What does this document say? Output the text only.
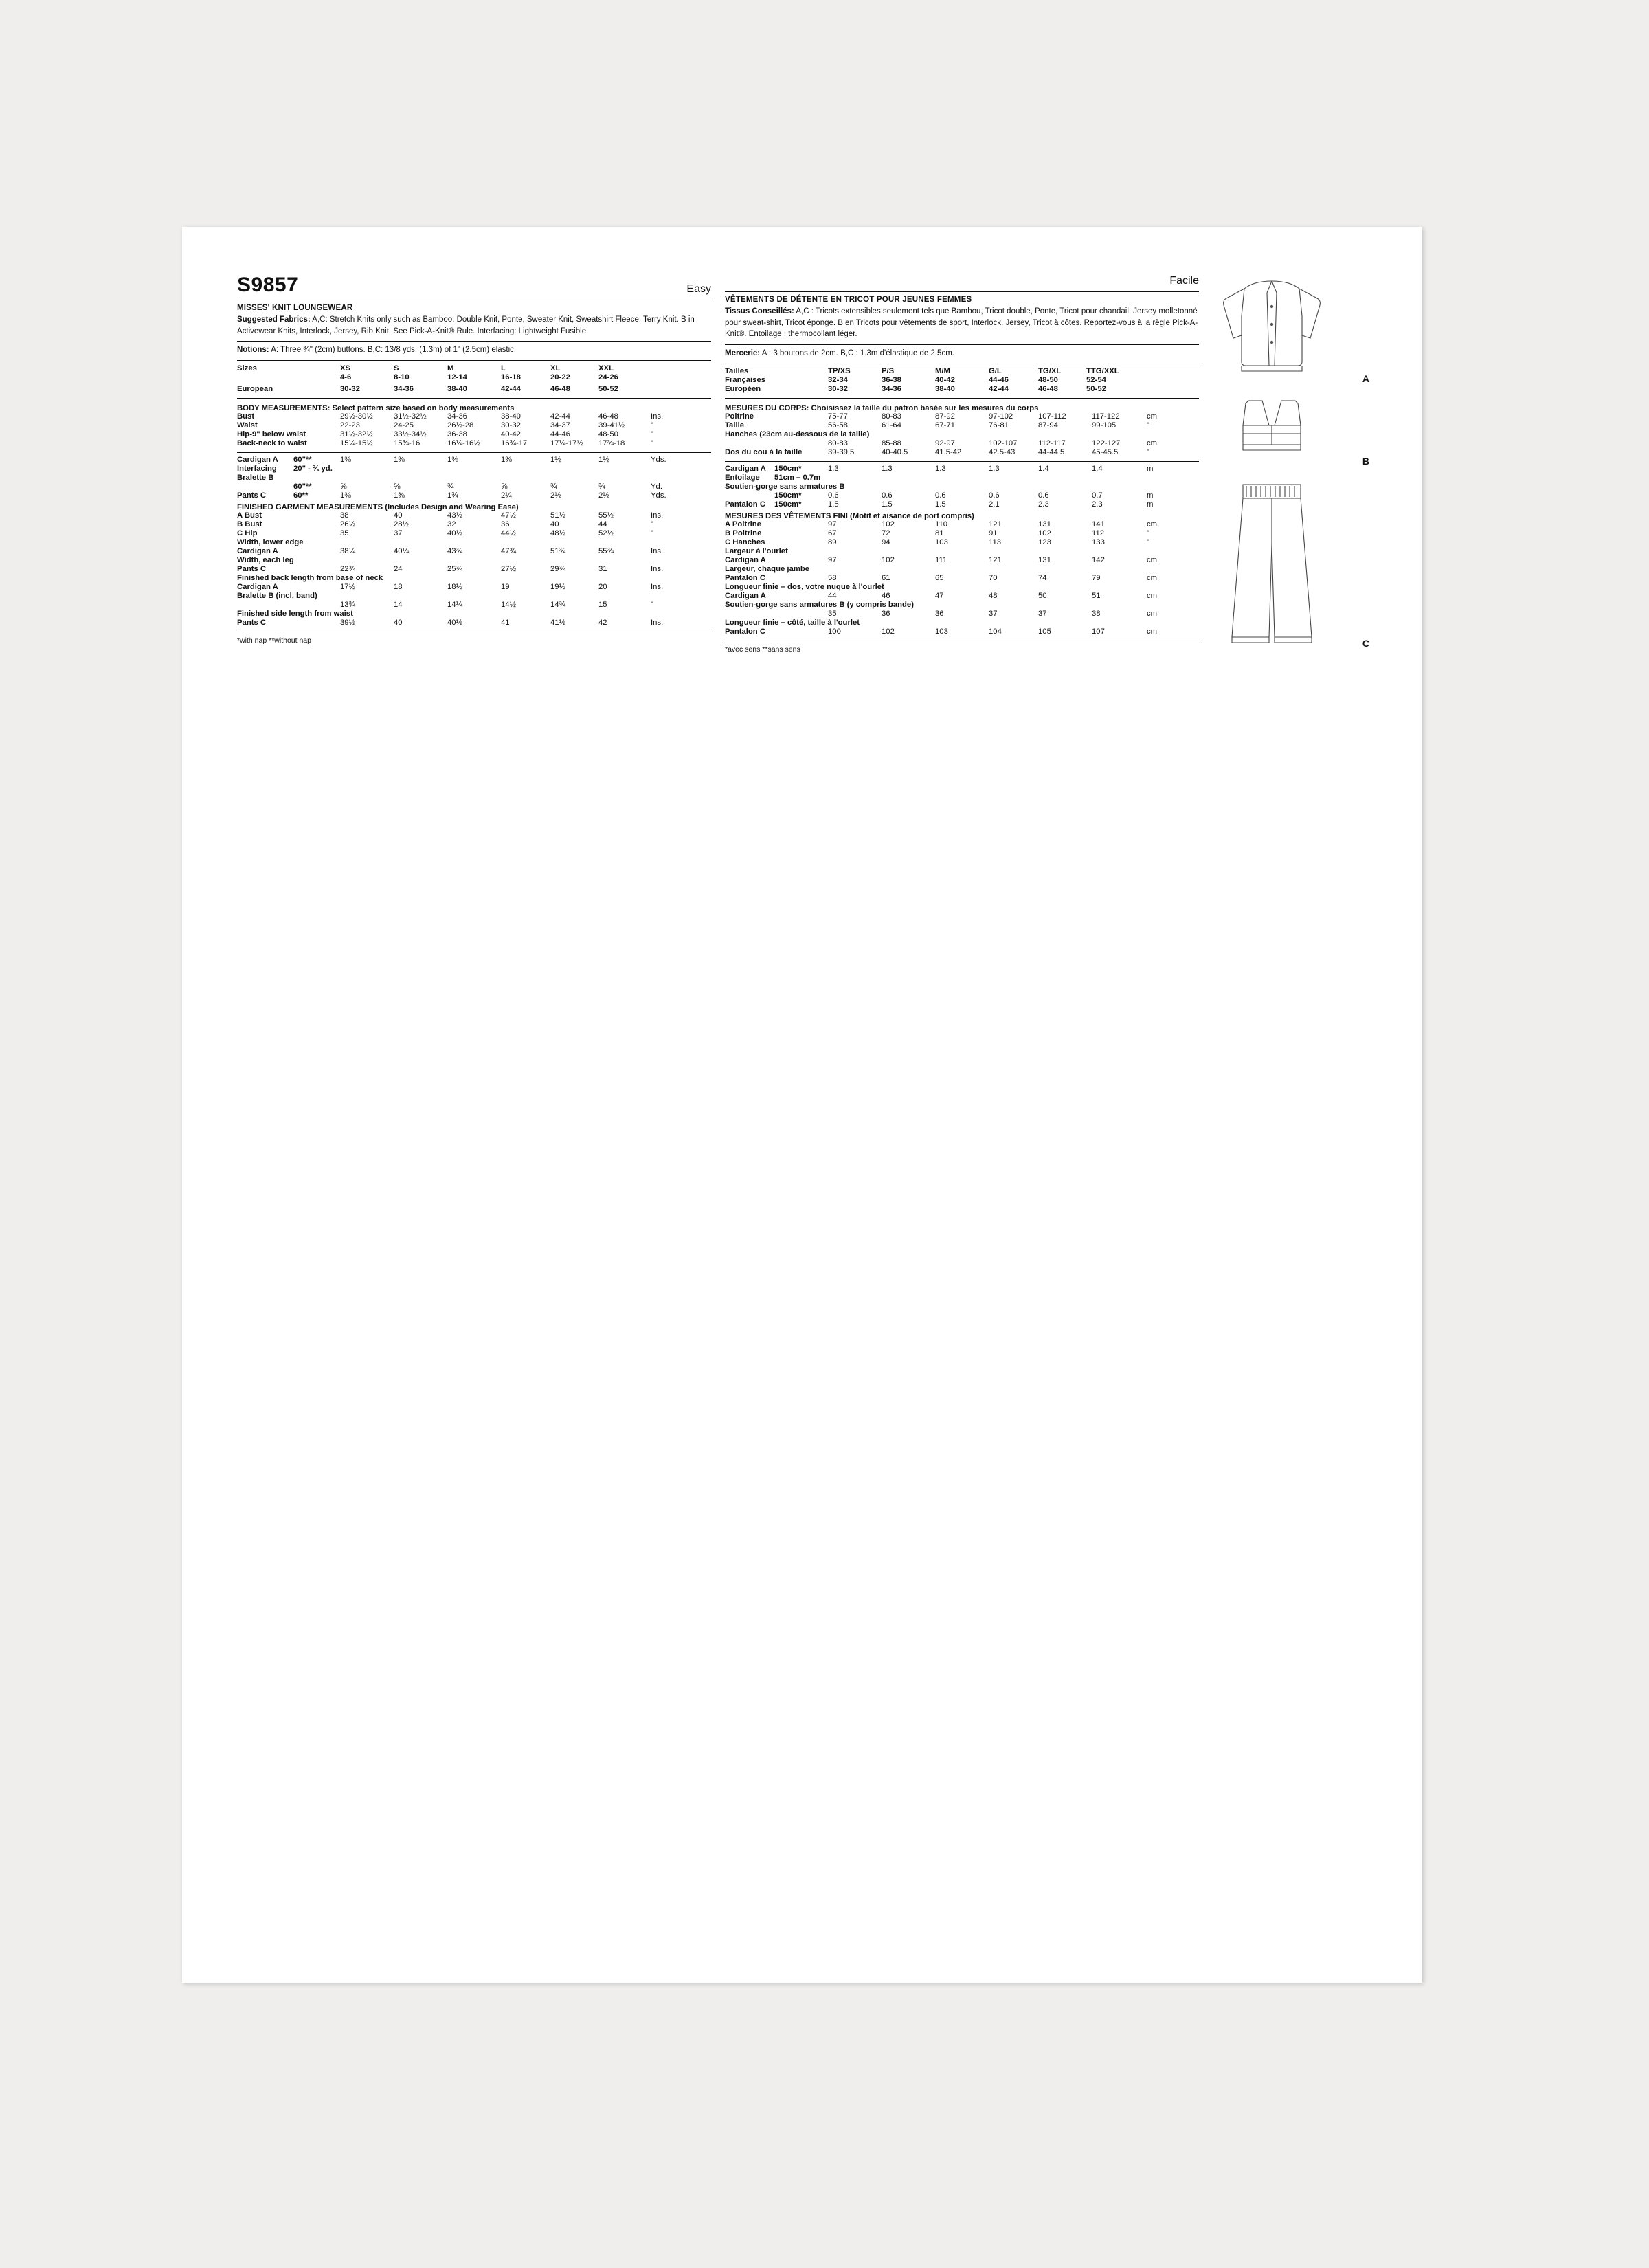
S9857	Easy
MISSES' KNIT LOUNGEWEAR

Suggested Fabrics: A,C: Stretch Knits only such as Bamboo, Double Knit, Ponte, Sweater Knit, Sweatshirt Fleece, Terry Knit. B in Activewear Knits, Interlock, Jersey, Rib Knit. See Pick-A-Knit® Rule. Interfacing: Lightweight Fusible.

Notions: A: Three ¾" (2cm) buttons. B,C: 13/8 yds. (1.3m) of 1" (2.5cm) elastic.

Sizes	XS	S	M	L	XL	XXL	
	4-6	8-10	12-14	16-18	20-22	24-26	
European	30-32	34-36	38-40	42-44	46-48	50-52	
BODY MEASUREMENTS: Select pattern size based on body measurements
Bust	29½-30½	31½-32½	34-36	38-40	42-44	46-48	Ins.
Waist	22-23	24-25	26½-28	30-32	34-37	39-41½	"
Hip-9" below waist	31½-32½	33½-34½	36-38	40-42	44-46	48-50	"
Back-neck to waist	15¼-15½	15¾-16	16¼-16½	16¾-17	17¼-17½	17¾-18	"
Cardigan A	60"**	1⅜	1⅜	1⅜	1⅜	1½	1½	Yds.
Interfacing	20" - ¾ yd.							
Bralette B								
	60"**	⅝	⅝	¾	⅝	¾	¾	Yd.
Pants C	60**	1⅜	1⅜	1¾	2¼	2½	2½	Yds.
FINISHED GARMENT MEASUREMENTS (Includes Design and Wearing Ease)
A Bust	38	40	43½	47½	51½	55½	Ins.
B Bust	26½	28½	32	36	40	44	"
C Hip	35	37	40½	44½	48½	52½	"
Width, lower edge							
Cardigan A	38¼	40¼	43¾	47¾	51¾	55¾	Ins.
Width, each leg							
Pants C	22¾	24	25¾	27½	29¾	31	Ins.
Finished back length from base of neck							
Cardigan A	17½	18	18½	19	19½	20	Ins.
Bralette B (incl. band)							
	13¾	14	14¼	14½	14¾	15	"
Finished side length from waist							
Pants C	39½	40	40½	41	41½	42	Ins.
*with nap **without nap
Facile
VÊTEMENTS DE DÉTENTE EN TRICOT POUR JEUNES FEMMES

Tissus Conseillés: A,C : Tricots extensibles seulement tels que Bambou, Tricot double, Ponte, Tricot pour chandail, Jersey molletonné pour sweat-shirt, Tricot éponge. B en Tricots pour vêtements de sport, Interlock, Jersey, Tricot à côtes. Reportez-vous à la règle Pick-A-Knit®. Entoilage : thermocollant léger.

Mercerie: A : 3 boutons de 2cm. B,C : 1.3m d'élastique de 2.5cm.

Tailles	TP/XS	P/S	M/M	G/L	TG/XL	TTG/XXL	
Françaises	32-34	36-38	40-42	44-46	48-50	52-54	
Européen	30-32	34-36	38-40	42-44	46-48	50-52	
MESURES DU CORPS: Choisissez la taille du patron basée sur les mesures du corps
Poitrine	75-77	80-83	87-92	97-102	107-112	117-122	cm
Taille	56-58	61-64	67-71	76-81	87-94	99-105	"
Hanches (23cm au-dessous de la taille)							
	80-83	85-88	92-97	102-107	112-117	122-127	cm
Dos du cou à la taille	39-39.5	40-40.5	41.5-42	42.5-43	44-44.5	45-45.5	"
Cardigan A	150cm*	1.3	1.3	1.3	1.3	1.4	1.4	m
Entoilage	51cm – 0.7m							
Soutien-gorge sans armatures B								
	150cm*	0.6	0.6	0.6	0.6	0.6	0.7	m
Pantalon C	150cm*	1.5	1.5	1.5	2.1	2.3	2.3	m
MESURES DES VÊTEMENTS FINI (Motif et aisance de port compris)
A Poitrine	97	102	110	121	131	141	cm
B Poitrine	67	72	81	91	102	112	"
C Hanches	89	94	103	113	123	133	"
Largeur à l'ourlet							
Cardigan A	97	102	111	121	131	142	cm
Largeur, chaque jambe							
Pantalon C	58	61	65	70	74	79	cm
Longueur finie – dos, votre nuque à l'ourlet							
Cardigan A	44	46	47	48	50	51	cm
Soutien-gorge sans armatures B (y compris bande)							
	35	36	36	37	37	38	cm
Longueur finie – côté, taille à l'ourlet							
Pantalon C	100	102	103	104	105	107	cm
*avec sens **sans sens
A
B
C
